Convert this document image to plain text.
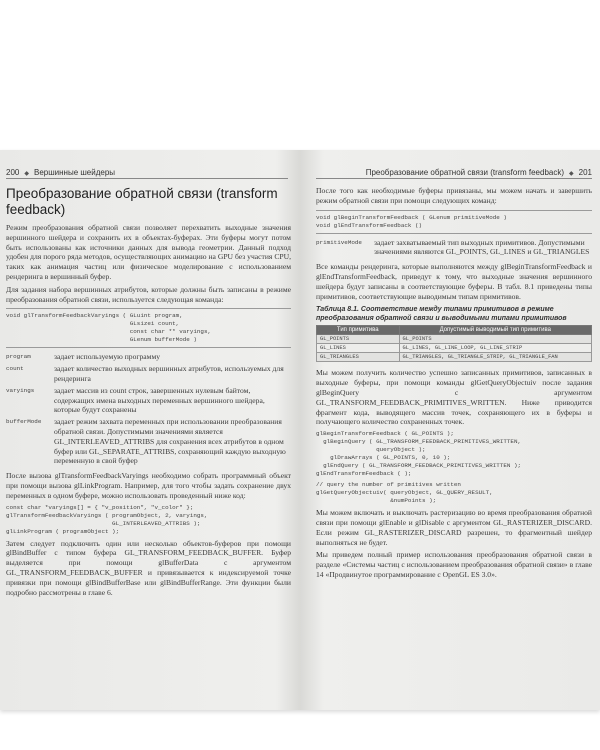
200 ◆ Вершинные шейдеры
Преобразование обратной связи (transform feedback)

Режим преобразования обратной связи позволяет перехватить выходные значения вершинного шейдера и сохранить их в объектах-буферах. Эти буферы могут потом быть использованы как источники данных для вывода геометрии. Данный подход удобен для порого ряда методов, осуществляющих анимацию на GPU без участия CPU, таких как анимация частиц или физическое моделирование с использованием рендеринга в вершинный буфер.

Для задания набора вершинных атрибутов, которые должны быть записаны в режиме преобразования обратной связи, используется следующая команда:

void glTransformFeedbackVaryings ( GLuint program,
GLsizei count,
const char ** varyings,
GLenum bufferMode )
program	задает используемую программу
count	задает количество выходных вершинных атрибутов, используемых для рендеринга
varyings	задает массив из count строк, завершенных нулевым байтом, содержащих имена выходных переменных вершинного шейдера, которые будут сохранены
bufferMode	задает режим захвата переменных при использовании преобразования обратной связи. Допустимыми значениями является GL_INTERLEAVED_ATTRIBS для сохранения всех атрибутов в одном буфер или GL_SEPARATE_ATTRIBS, сохраняющий каждую выходную переменную в свой буфер

После вызова glTransformFeedbackVaryings необходимо собрать программный объект при помощи вызова glLinkProgram. Например, для того чтобы задать сохранение двух переменных в одном буфере, можно использовать проведенный ниже код:

const char *varyings[] = { "v_position", "v_color" };
glTransformFeedbackVaryings ( programObject, 2, varyings,
GL_INTERLEAVED_ATTRIBS );
glLinkProgram ( programObject );

Затем следует подключить один или несколько объектов-буферов при помощи glBindBuffer с типом буфера GL_TRANSFORM_FEEDBACK_BUFFER. Буфер выделяется при помощи glBufferData с аргументом GL_TRANSFORM_FEEDBACK_BUFFER и привязывается к индексируемой точке привязки при помощи glBindBufferBase или glBindBufferRange. Эти функции были подробно рассмотрены в главе 6.

Преобразование обратной связи (transform feedback) ◆ 201

После того как необходимые буферы привязаны, мы можем начать и завершить режим обратной связи при помощи следующих команд:

void glBeginTransformFeedback ( GLenum primitiveMode )
void glEndTransformFeedback ()
primitiveMode	задает захватываемый тип выходных примитивов. Допустимыми значениями являются GL_POINTS, GL_LINES и GL_TRIANGLES

Все команды рендеринга, которые выполняются между glBeginTransformFeedback и glEndTransformFeedback, приведут к тому, что выходные значения вершинного шейдера будут записаны в соответствующие буферы. В табл. 8.1 приведены типы примитивов, соответствующие выводимым типам примитивов.

Таблица 8.1. Соответствие между типами примитивов в режиме преобразования обратной связи и выводимыми типами примитивов
Тип примитива	Допустимый выводимый тип примитива
GL_POINTS	GL_POINTS
GL_LINES	GL_LINES, GL_LINE_LOOP, GL_LINE_STRIP
GL_TRIANGLES	GL_TRIANGLES, GL_TRIANGLE_STRIP, GL_TRIANGLE_FAN

Мы можем получить количество успешно записанных примитивов, записанных в выходные буферы, при помощи команды glGetQueryObjectuiv после задания glBeginQuery с аргументом GL_TRANSFORM_FEEDBACK_PRIMITIVES_WRITTEN. Ниже приводится фрагмент кода, выводящего массив точек, сохраняющего их в буферы и получающего количество сохраненных точек.

glBeginTransformFeedback ( GL_POINTS );
glBeginQuery ( GL_TRANSFORM_FEEDBACK_PRIMITIVES_WRITTEN,
queryObject );
glDrawArrays ( GL_POINTS, 0, 10 );
glEndQuery ( GL_TRANSFORM_FEEDBACK_PRIMITIVES_WRITTEN );
glEndTransformFeedback ( );
// query the number of primitives written
glGetQueryObjectuiv( queryObject, GL_QUERY_RESULT,
&numPoints );

Мы можем включать и выключать растеризацию во время преобразования обратной связи при помощи glEnable и glDisable с аргументом GL_RASTERIZER_DISCARD. Если режим GL_RASTERIZER_DISCARD разрешен, то фрагментный шейдер выполняться не будет.

Мы приведем полный пример использования преобразования обратной связи в разделе «Системы частиц с использованием преобразования обратной связи» в главе 14 «Продвинутое программирование с OpenGL ES 3.0».
